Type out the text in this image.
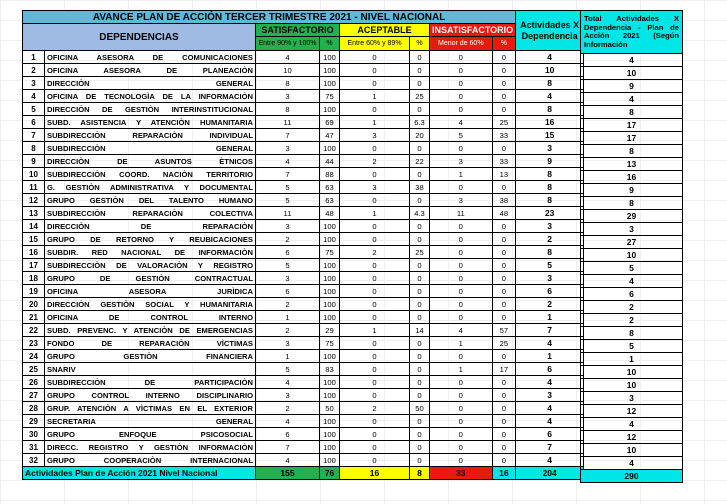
AVANCE PLAN DE ACCIÓN TERCER TRIMESTRE 2021 - NIVEL NACIONAL								Actividades X Dependencia
DEPENDENCIAS		SATISFACTORIO		ACEPTABLE		INSATISFACTORIO		
		Entre 90% y 100%	%	Entre 60% y 89%	%	Menor de 60%	%	
1	OFICINA ASESORA DE COMUNICACIONES	4	100	0	0	0	0	4
2	OFICINA ASESORA DE PLANEACIÒN	10	100	0	0	0	0	10
3	DIRECCIÒN GENERAL	8	100	0	0	0	0	8
4	OFICINA DE TECNOLOGÌA DE LA INFORMACIÒN	3	75	1	25	0	0	4
5	DIRECCIÒN DE GESTIÒN INTERINSTITUCIONAL	8	100	0	0	0	0	8
6	SUBD. ASISTENCIA Y ATENCIÒN HUMANITARIA	11	69	1	6.3	4	25	16
7	SUBDIRECCIÒN REPARACIÒN INDIVIDUAL	7	47	3	20	5	33	15
8	SUBDIRECCIÒN GENERAL	3	100	0	0	0	0	3
9	DIRECCIÒN DE ASUNTOS ÈTNICOS	4	44	2	22	3	33	9
10	SUBDIRECCIÒN COORD. NACIÒN TERRITORIO	7	88	0	0	1	13	8
11	G. GESTIÒN ADMINISTRATIVA Y DOCUMENTAL	5	63	3	38	0	0	8
12	GRUPO GESTIÒN DEL TALENTO HUMANO	5	63	0	0	3	38	8
13	SUBDIRECCIÒN REPARACIÒN COLECTIVA	11	48	1	4.3	11	48	23
14	DIRECCIÒN DE REPARACIÒN	3	100	0	0	0	0	3
15	GRUPO DE RETORNO Y REUBICACIONES	2	100	0	0	0	0	2
16	SUBDIR. RED NACIONAL DE INFORMACIÒN	6	75	2	25	0	0	8
17	SUBDIRECCIÒN DE VALORACIÒN Y REGISTRO	5	100	0	0	0	0	5
18	GRUPO DE GESTIÒN CONTRACTUAL	3	100	0	0	0	0	3
19	OFICINA ASESORA JURÌDICA	6	100	0	0	0	0	6
20	DIRECCIÒN GESTIÒN SOCIAL Y HUMANITARIA	2	100	0	0	0	0	2
21	OFICINA DE CONTROL INTERNO	1	100	0	0	0	0	1
22	SUBD. PREVENC. Y ATENCIÒN DE EMERGENCIAS	2	29	1	14	4	57	7
23	FONDO DE REPARACIÒN VÌCTIMAS	3	75	0	0	1	25	4
24	GRUPO GESTIÒN FINANCIERA	1	100	0	0	0	0	1
25	SNARIV	5	83	0	0	1	17	6
26	SUBDIRECCIÒN DE PARTICIPACIÒN	4	100	0	0	0	0	4
27	GRUPO CONTROL INTERNO DISCIPLINARIO	3	100	0	0	0	0	3
28	GRUP. ATENCIÒN A VÌCTIMAS EN EL EXTERIOR	2	50	2	50	0	0	4
29	SECRETARIA GENERAL	4	100	0	0	0	0	4
30	GRUPO ENFOQUE PSICOSOCIAL	6	100	0	0	0	0	6
31	DIRECC. REGISTRO Y GESTIÒN INFORMACIÒN	7	100	0	0	0	0	7
32	GRUPO COOPERACIÒN INTERNACIONAL	4	100	0	0	0	0	4
Actividades Plan de Acción 2021 Nivel Nacional		155	76	16	8	33	16	204
Total Actividades X Dependencia - Plan de Acción 2021 (Según Información
4
10
9
4
8
17
17
8
13
16
9
8
29
3
27
10
5
4
6
2
2
8
5
1
10
10
3
12
4
12
10
4
290
